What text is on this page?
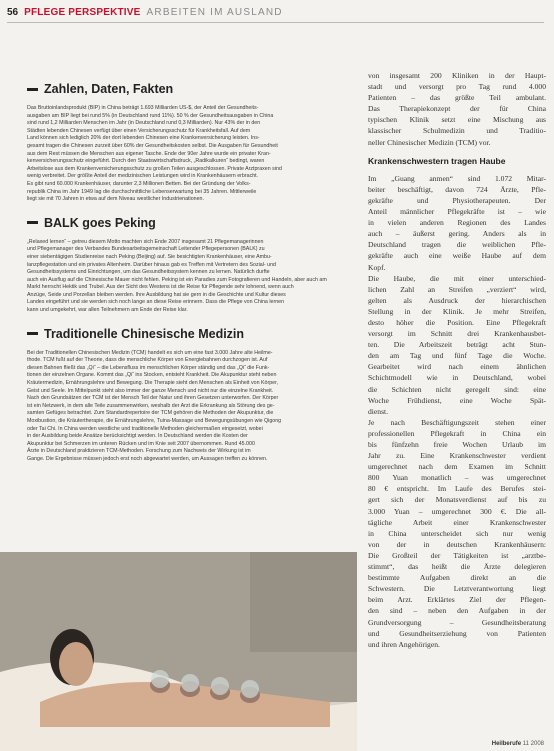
56 PFLEGE PERSPEKTIVE ARBEITEN IM AUSLAND
Zahlen, Daten, Fakten
Das Bruttoinlandsprodukt (BIP) in China beträgt 1.693 Milliarden US-$, der Anteil der Gesundheits-
ausgaben am BIP liegt bei rund 5% (in Deutschland rund 11%). 50 % der Gesundheitsausgaben in China
sind rund 1,2 Milliarden Menschen im Jahr (in Deutschland rund 0,3 Milliarden). Nur 43% der in den
Städten lebenden Chinesen verfügt über einen Versicherungsschutz für Krankheitsfall. Auf dem
Land können sich lediglich 20% der dort lebenden Chinesen eine Krankenversicherung leisten. Ins-
gesamt tragen die Chinesen zurzeit über 60% der Gesundheitskosten selbst. Die Ausgaben für Gesundheit
aus dem Rest müssen die Menschen aus eigener Tasche. Ende der 90er Jahre wurde ein privater Kran-
kenversicherungsschutz eingeführt. Durch den Staatswirtschaftsdruck, „Radikalkuren“ bedingt, waren
Arbeitslose aus dem Krankenversicherungsschutz zu großen Teilen ausgeschlossen. Private Arztpraxen sind
wenig verbreitet. Der größte Anteil der medizinischen Leistungen wird in Krankenhäusern erbracht.
Es gibt rund 60.000 Krankenhäuser, darunter 2,3 Millionen Betten. Bei der Gründung der Volks-
republik China im Jahr 1949 lag die durchschnittliche Lebenserwartung bei 35 Jahren. Mittlerweile
liegt sie mit 70 Jahren in etwa auf dem Niveau westlicher Industrienationen.
BALK goes Peking
„Relaxed lernen“ – getreu diesem Motto machten sich Ende 2007 insgesamt 21 Pflegemanagerinnen
und Pflegemanager des Verbandes Bundesarbeitsgemeinschaft Leitender Pflegepersonen (BALK) zu
einer siebentägigen Studienreise nach Peking (Beijing) auf. Sie besichtigten Krankenhäuser, eine Ambu-
lanzpflegestation und ein privates Altenheim. Darüber hinaus gab es Treffen mit Vertretern des Sozial- und
Gesundheitssystems und Einrichtungen, um das Gesundheitssystem kennen zu lernen. Natürlich durfte
auch ein Ausflug auf die Chinesische Mauer nicht fehlen. Peking ist ein Paradies zum Fotografieren und Handeln, aber auch am
Markt herrscht Hektik und Trubel. Aus der Sicht des Westens ist die Reise für Pflegende sehr lohnend, wenn auch
Anzüge, Seide und Porzellan bleiben werden. Ihre Ausbildung hat sie gern in die Geschichte und Kultur dieses
Landes eingeführt und sie werden sich noch lange an diese Reise erinnern. Dass die Pflege von China lernen
kann und umgekehrt, war allen Teilnehmern am Ende der Reise klar.
Traditionelle Chinesische Medizin
Bei der Traditionellen Chinesischen Medizin (TCM) handelt es sich um eine fast 3.000 Jahre alte Heilme-
thode. TCM fußt auf der Theorie, dass die menschliche Körper von Energiebahnen durchzogen ist. Auf
diesen Bahnen fließt das „Qi“ – die Lebensfluss im menschlichen Körper ständig und das „Qi“ die Funk-
tionen der einzelnen Organe. Kommt das „Qi“ ins Stocken, entsteht Krankheit. Die Akupunktur steht neben
Kräutermedizin, Ernährungslehre und Bewegung. Die Therapie sieht den Menschen als Einheit von Körper,
Geist und Seele. Im Mittelpunkt steht also immer der ganze Mensch und nicht nur die einzelne Krankheit.
Nach den Grundsätzen der TCM ist der Mensch Teil der Natur und ihren Gesetzen unterworfen. Der Körper
ist ein Netzwerk, in dem alle Teile zusammenwirken, weshalb der Arzt die Erkrankung als Störung des ge-
samten Gefüges betrachtet. Zum Standardrepertoire der TCM gehören die Methoden der Akupunktur, die
Moxibustion, die Kräutertherapie, die Ernährungslehre, Tuina-Massage und Bewegungsübungen wie Qigong
oder Tai Chi. In China werden westliche und traditionelle Methoden gleichermaßen eingesetzt, wobei
in der Ausbildung beide Ansätze berücksichtigt werden. In Deutschland werden die Kosten der
Akupunktur bei Schmerzen im unteren Rücken und im Knie seit 2007 übernommen. Rund 45.000
Ärzte in Deutschland praktizieren TCM-Methoden. Forschung zum Nachweis der Wirkung ist im
Gange. Die Ergebnisse müssen jedoch erst noch abgewartet werden, um Aussagen treffen zu können.
von insgesamt 200 Kliniken in der Haupt-
stadt und versorgt pro Tag rund 4.000
Patienten – das größte Teil ambulant.
Das Therapiekonzept der für China
typischen Klinik setzt eine Mischung aus
klassischer Schulmedizin und Traditio-
neller Chinesischer Medizin (TCM) vor.
Krankenschwestern tragen Haube
Im „Guang anmen“ sind 1.072 Mitar-
beiter beschäftigt, davon 724 Ärzte, Pfle-
gekräfte und Physiotherapeuten. Der
Anteil männlicher Pflegekräfte ist – wie
in vielen anderen Regionen des Landes
auch – äußerst gering. Anders als in
Deutschland tragen die weiblichen Pfle-
gekräfte auch eine weiße Haube auf dem
Kopf.
Die Haube, die mit einer unterschied-
lichen Zahl an Streifen „verziert“ wird,
gelten als Ausdruck der hierarchischen
Stellung in der Klinik. Je mehr Streifen,
desto höher die Position. Eine Pflegekraft
versorgt im Schnitt drei Krankenhausbet-
ten. Die Arbeitszeit beträgt acht Stun-
den am Tag und fünf Tage die Woche.
Gearbeitet wird nach einem ähnlichen
Schichtmodell wie in Deutschland, wobei
die Schichten nicht geregelt sind: eine
Woche Frühdienst, eine Woche Spät-
dienst.
Je nach Beschäftigungszeit stehen einer
professionellen Pflegekraft in China ein
bis fünfzehn freie Wochen Urlaub im
Jahr zu. Eine Krankenschwester verdient
umgerechnet nach dem Examen im Schnitt
800 Yuan monatlich – was umgerechnet
80 € entspricht. Im Laufe des Berufes stei-
gert sich der Monatsverdienst auf bis zu
3.000 Yuan – umgerechnet 300 €. Die all-
tägliche Arbeit einer Krankenschwester
in China unterscheidet sich nur wenig
von der in deutschen Krankenhäusern:
Die Großteil der Tätigkeiten ist „arztbe-
stimmt“, das heißt die Ärzte delegieren
bestimmte Aufgaben direkt an die
Schwestern. Die Letztverantwortung liegt
beim Arzt. Erklärtes Ziel der Pflegen-
den sind – neben den Aufgaben in der
Grundversorgung – Gesundheitsberatung
und Gesundheitserziehung von Patienten
und ihren Angehörigen.
Heilberufe 11 2008
